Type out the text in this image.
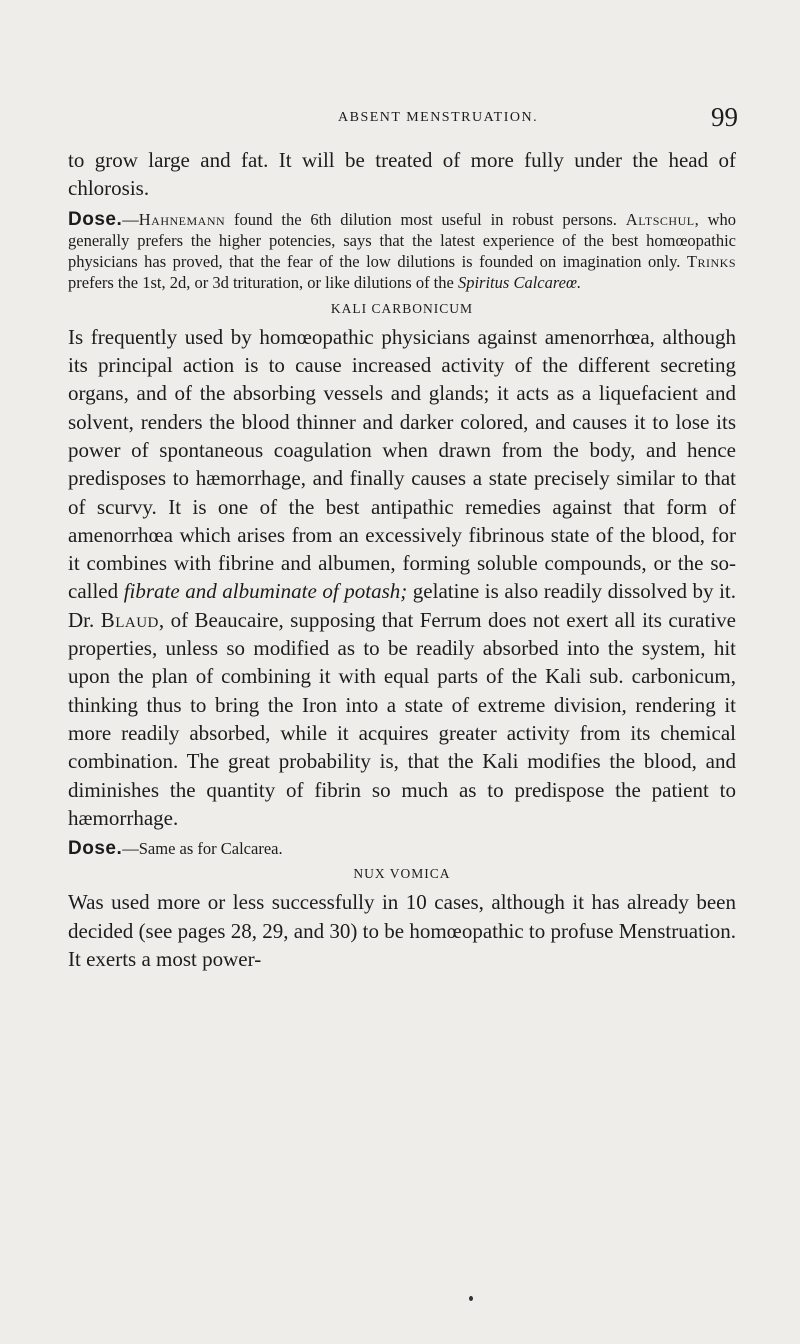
ABSENT MENSTRUATION.	99

to grow large and fat. It will be treated of more fully under the head of chlorosis.

Dose.—Hahnemann found the 6th dilution most useful in robust persons. Altschul, who generally prefers the higher potencies, says that the latest experience of the best homœopathic physicians has proved, that the fear of the low dilutions is founded on imagination only. Trinks prefers the 1st, 2d, or 3d trituration, or like dilutions of the Spiritus Calcareœ.

KALI CARBONICUM

Is frequently used by homœopathic physicians against amenorrhœa, although its principal action is to cause increased activity of the different secreting organs, and of the absorbing vessels and glands; it acts as a liquefacient and solvent, renders the blood thinner and darker colored, and causes it to lose its power of spontaneous coagulation when drawn from the body, and hence predisposes to hæmorrhage, and finally causes a state precisely similar to that of scurvy. It is one of the best antipathic remedies against that form of amenorrhœa which arises from an excessively fibrinous state of the blood, for it combines with fibrine and albumen, forming soluble compounds, or the so-called fibrate and albuminate of potash; gelatine is also readily dissolved by it. Dr. Blaud, of Beaucaire, supposing that Ferrum does not exert all its curative properties, unless so modified as to be readily absorbed into the system, hit upon the plan of combining it with equal parts of the Kali sub. carbonicum, thinking thus to bring the Iron into a state of extreme division, rendering it more readily absorbed, while it acquires greater activity from its chemical combination. The great probability is, that the Kali modifies the blood, and diminishes the quantity of fibrin so much as to predispose the patient to hæmorrhage.

Dose.—Same as for Calcarea.

NUX VOMICA

Was used more or less successfully in 10 cases, although it has already been decided (see pages 28, 29, and 30) to be homœopathic to profuse Menstruation. It exerts a most power-
